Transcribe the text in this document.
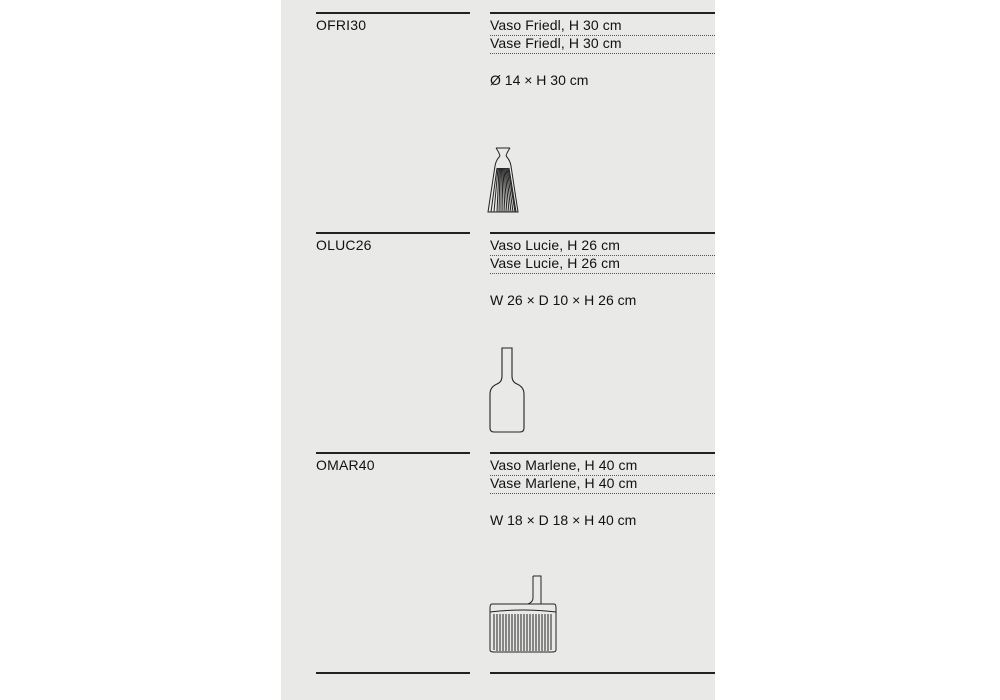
OFRI30	Vaso Friedl, H 30 cm
Vase Friedl, H 30 cm
Ø 14 × H 30 cm
OLUC26	Vaso Lucie, H 26 cm
Vase Lucie, H 26 cm
W 26 × D 10 × H 26 cm
OMAR40	Vaso Marlene, H 40 cm
Vase Marlene, H 40 cm
W 18 × D 18 × H 40 cm
